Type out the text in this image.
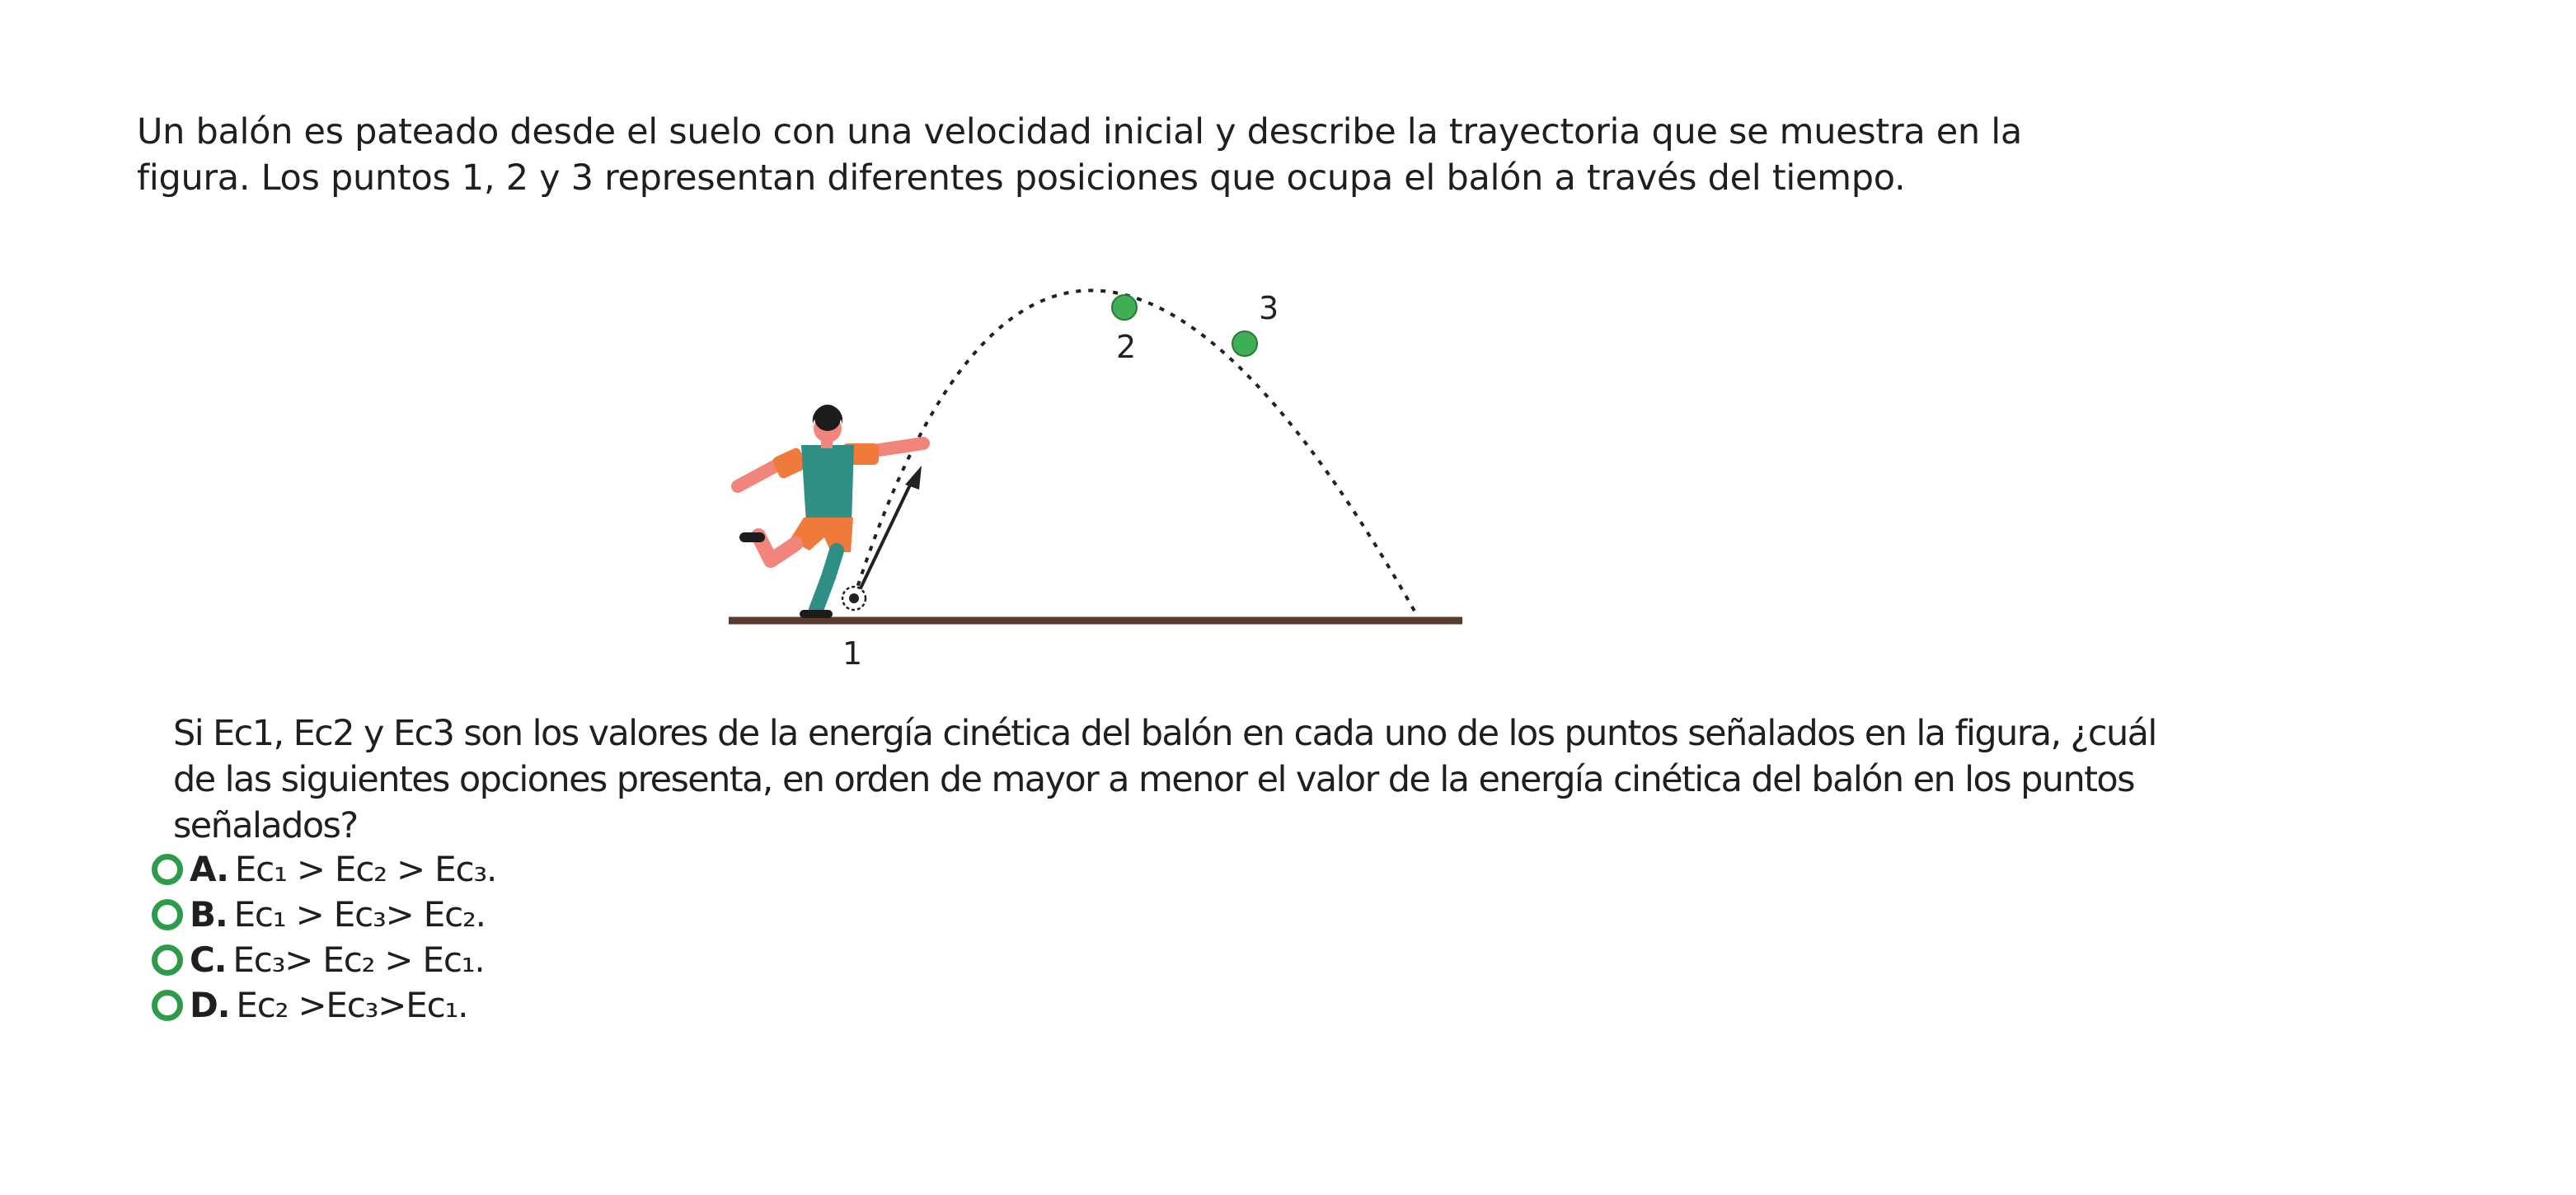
Un balón es pateado desde el suelo con una velocidad inicial y describe la trayectoria que se muestra en la figura. Los puntos 1, 2 y 3 representan diferentes posiciones que ocupa el balón a través del tiempo.

1
2
3

Si Ec1, Ec2 y Ec3 son los valores de la energía cinética del balón en cada uno de los puntos señalados en la figura, ¿cuál de las siguientes opciones presenta, en orden de mayor a menor el valor de la energía cinética del balón en los puntos señalados?

A. Ec₁ > Ec₂ > Ec₃.
B. Ec₁ > Ec₃> Ec₂.
C. Ec₃> Ec₂ > Ec₁.
D. Ec₂ >Ec₃>Ec₁.
